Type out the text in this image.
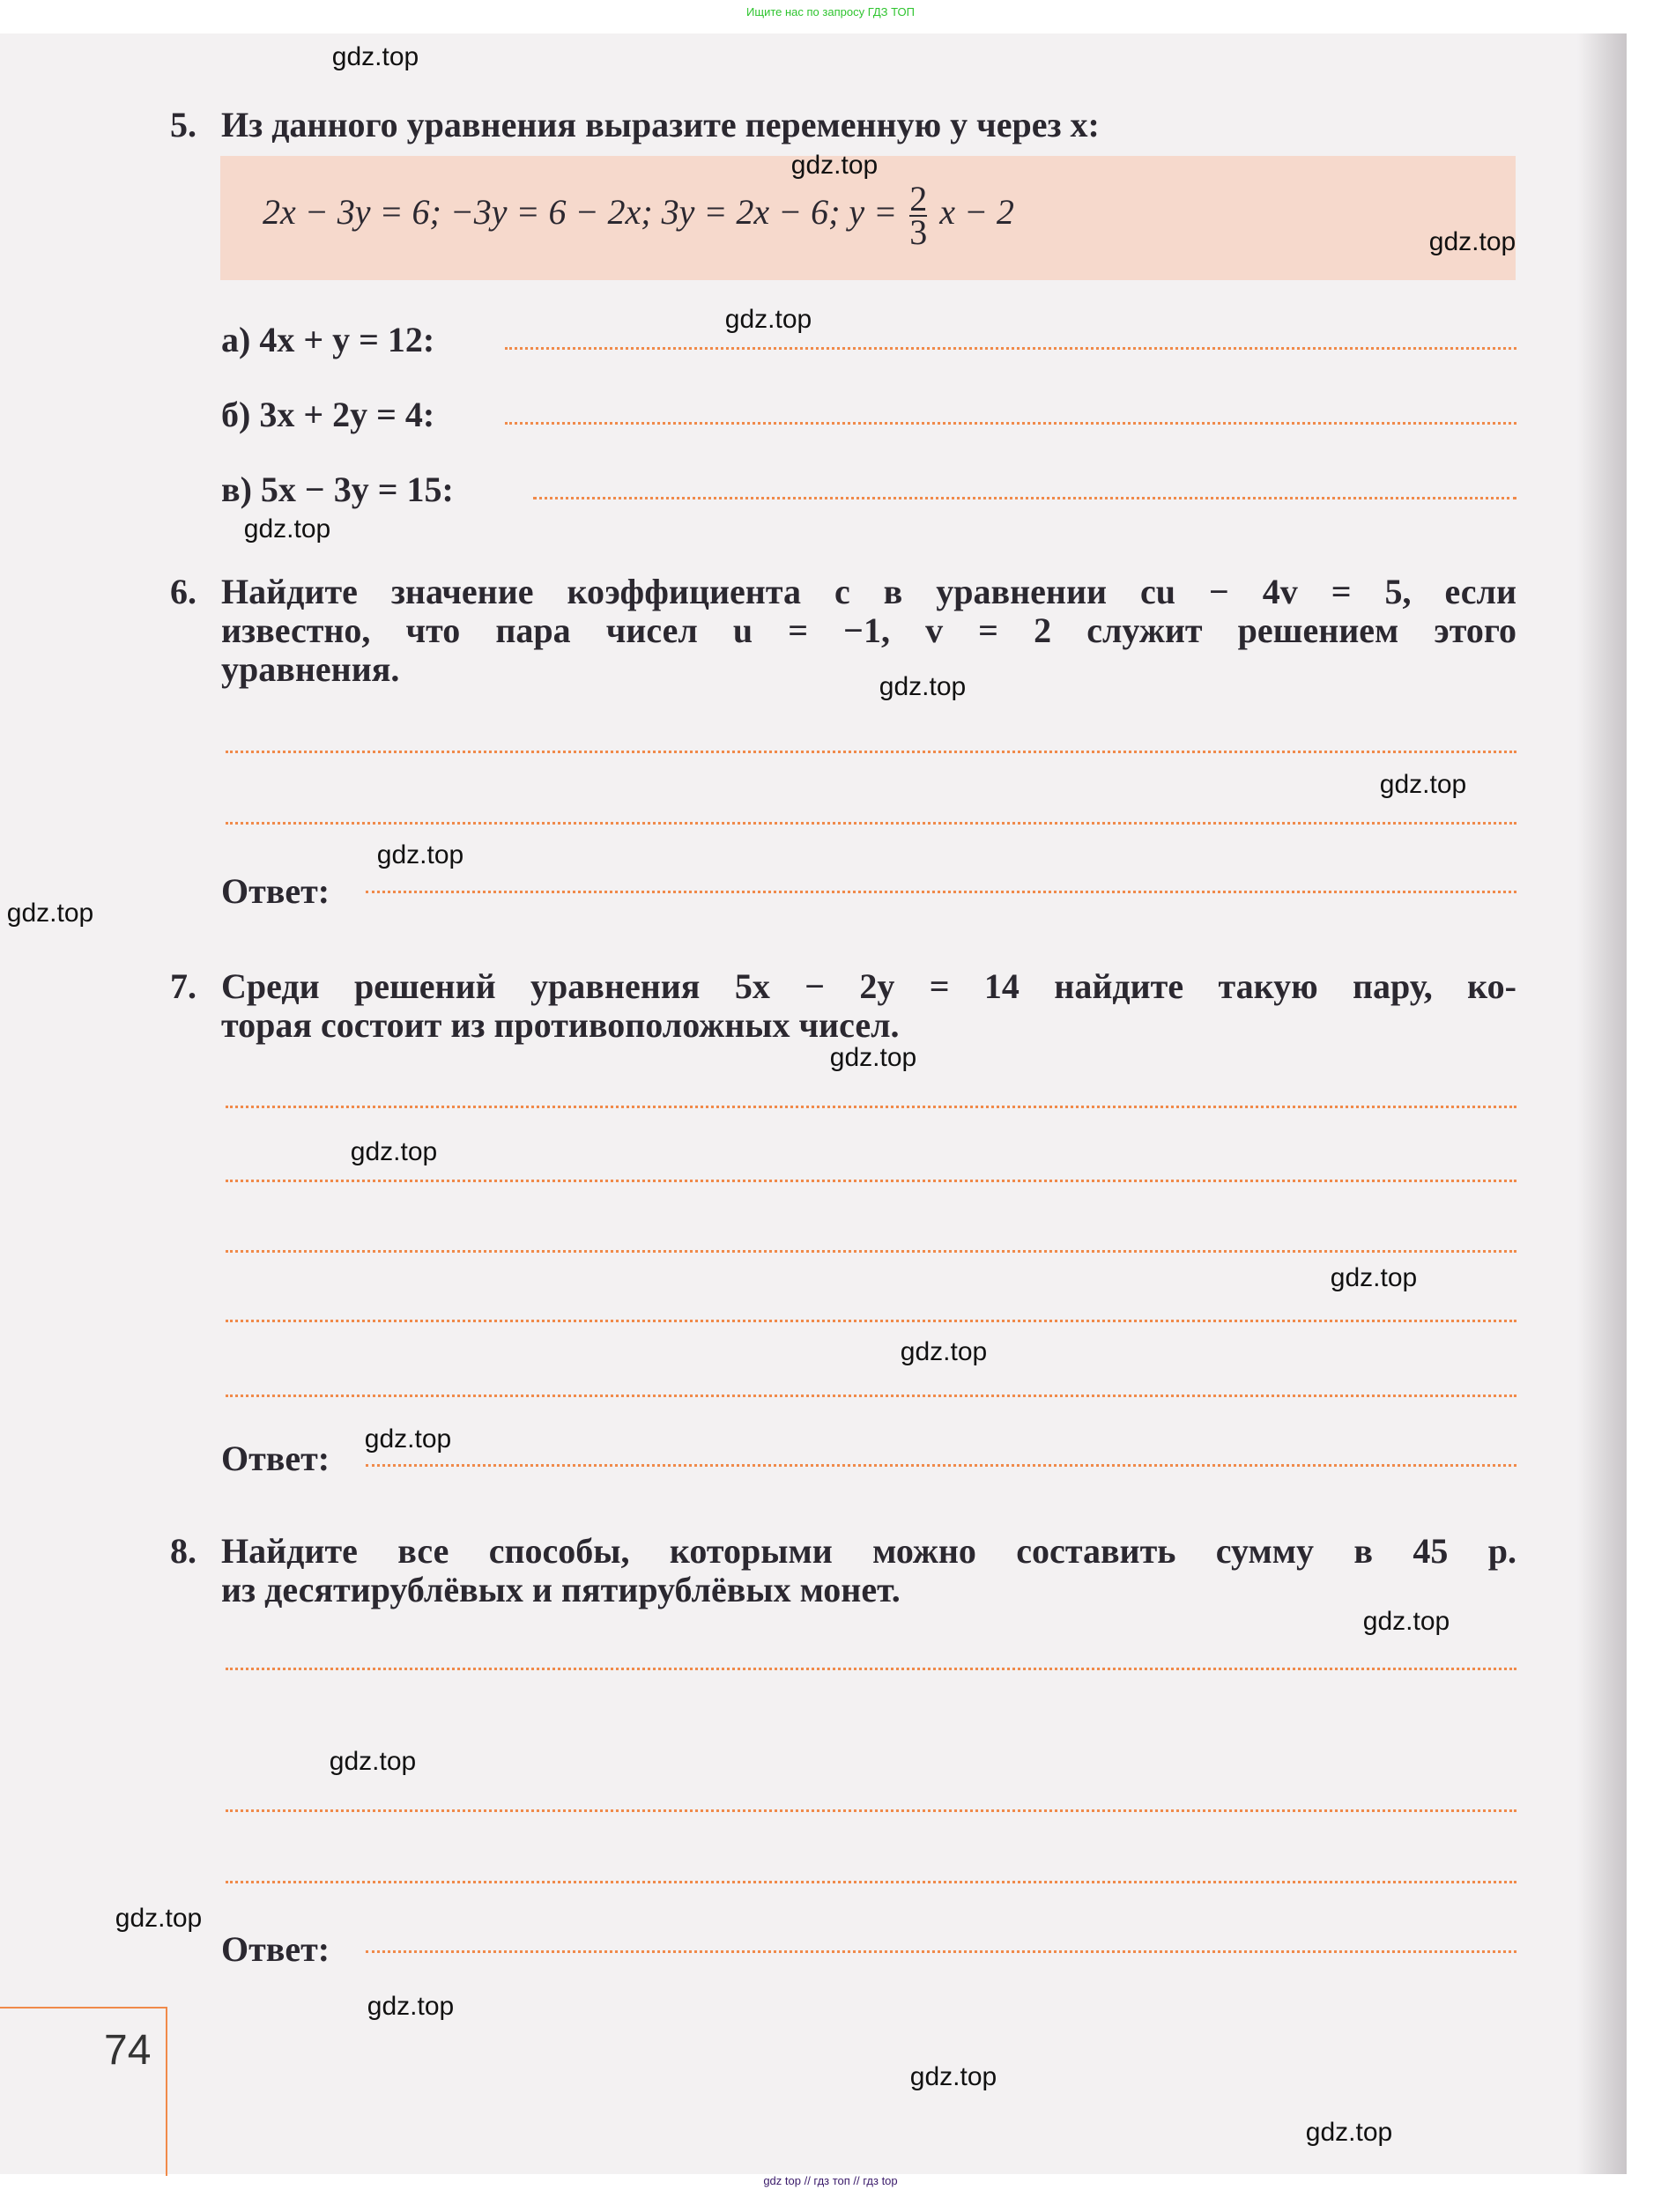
Ищите нас по запросу ГДЗ ТОП
5. Из данного уравнения выразите переменную y через x:
2x − 3y = 6; −3y = 6 − 2x; 3y = 2x − 6; $y = \frac{2}{3}$ x − 2
а) 4x + y = 12:
б) 3x + 2y = 4:
в) 5x − 3y = 15:
6. Найдите значение коэффициента c в уравнении cu − 4v = 5, если
известно, что пара чисел u = −1, v = 2 служит решением этого
уравнения.
Ответ:
7. Среди решений уравнения 5x − 2y = 14 найдите такую пару, ко-
торая состоит из противоположных чисел.
Ответ:
8. Найдите все способы, которыми можно составить сумму в 45 р.
из десятирублёвых и пятирублёвых монет.
Ответ:
74
gdz.top
gdz.top
gdz.top
gdz.top
gdz.top
gdz.top
gdz.top
gdz.top
gdz.top
gdz.top
gdz.top
gdz.top
gdz.top
gdz.top
gdz.top
gdz.top
gdz.top
gdz.top
gdz.top
gdz.top
gdz top // гдз топ // гдз top
